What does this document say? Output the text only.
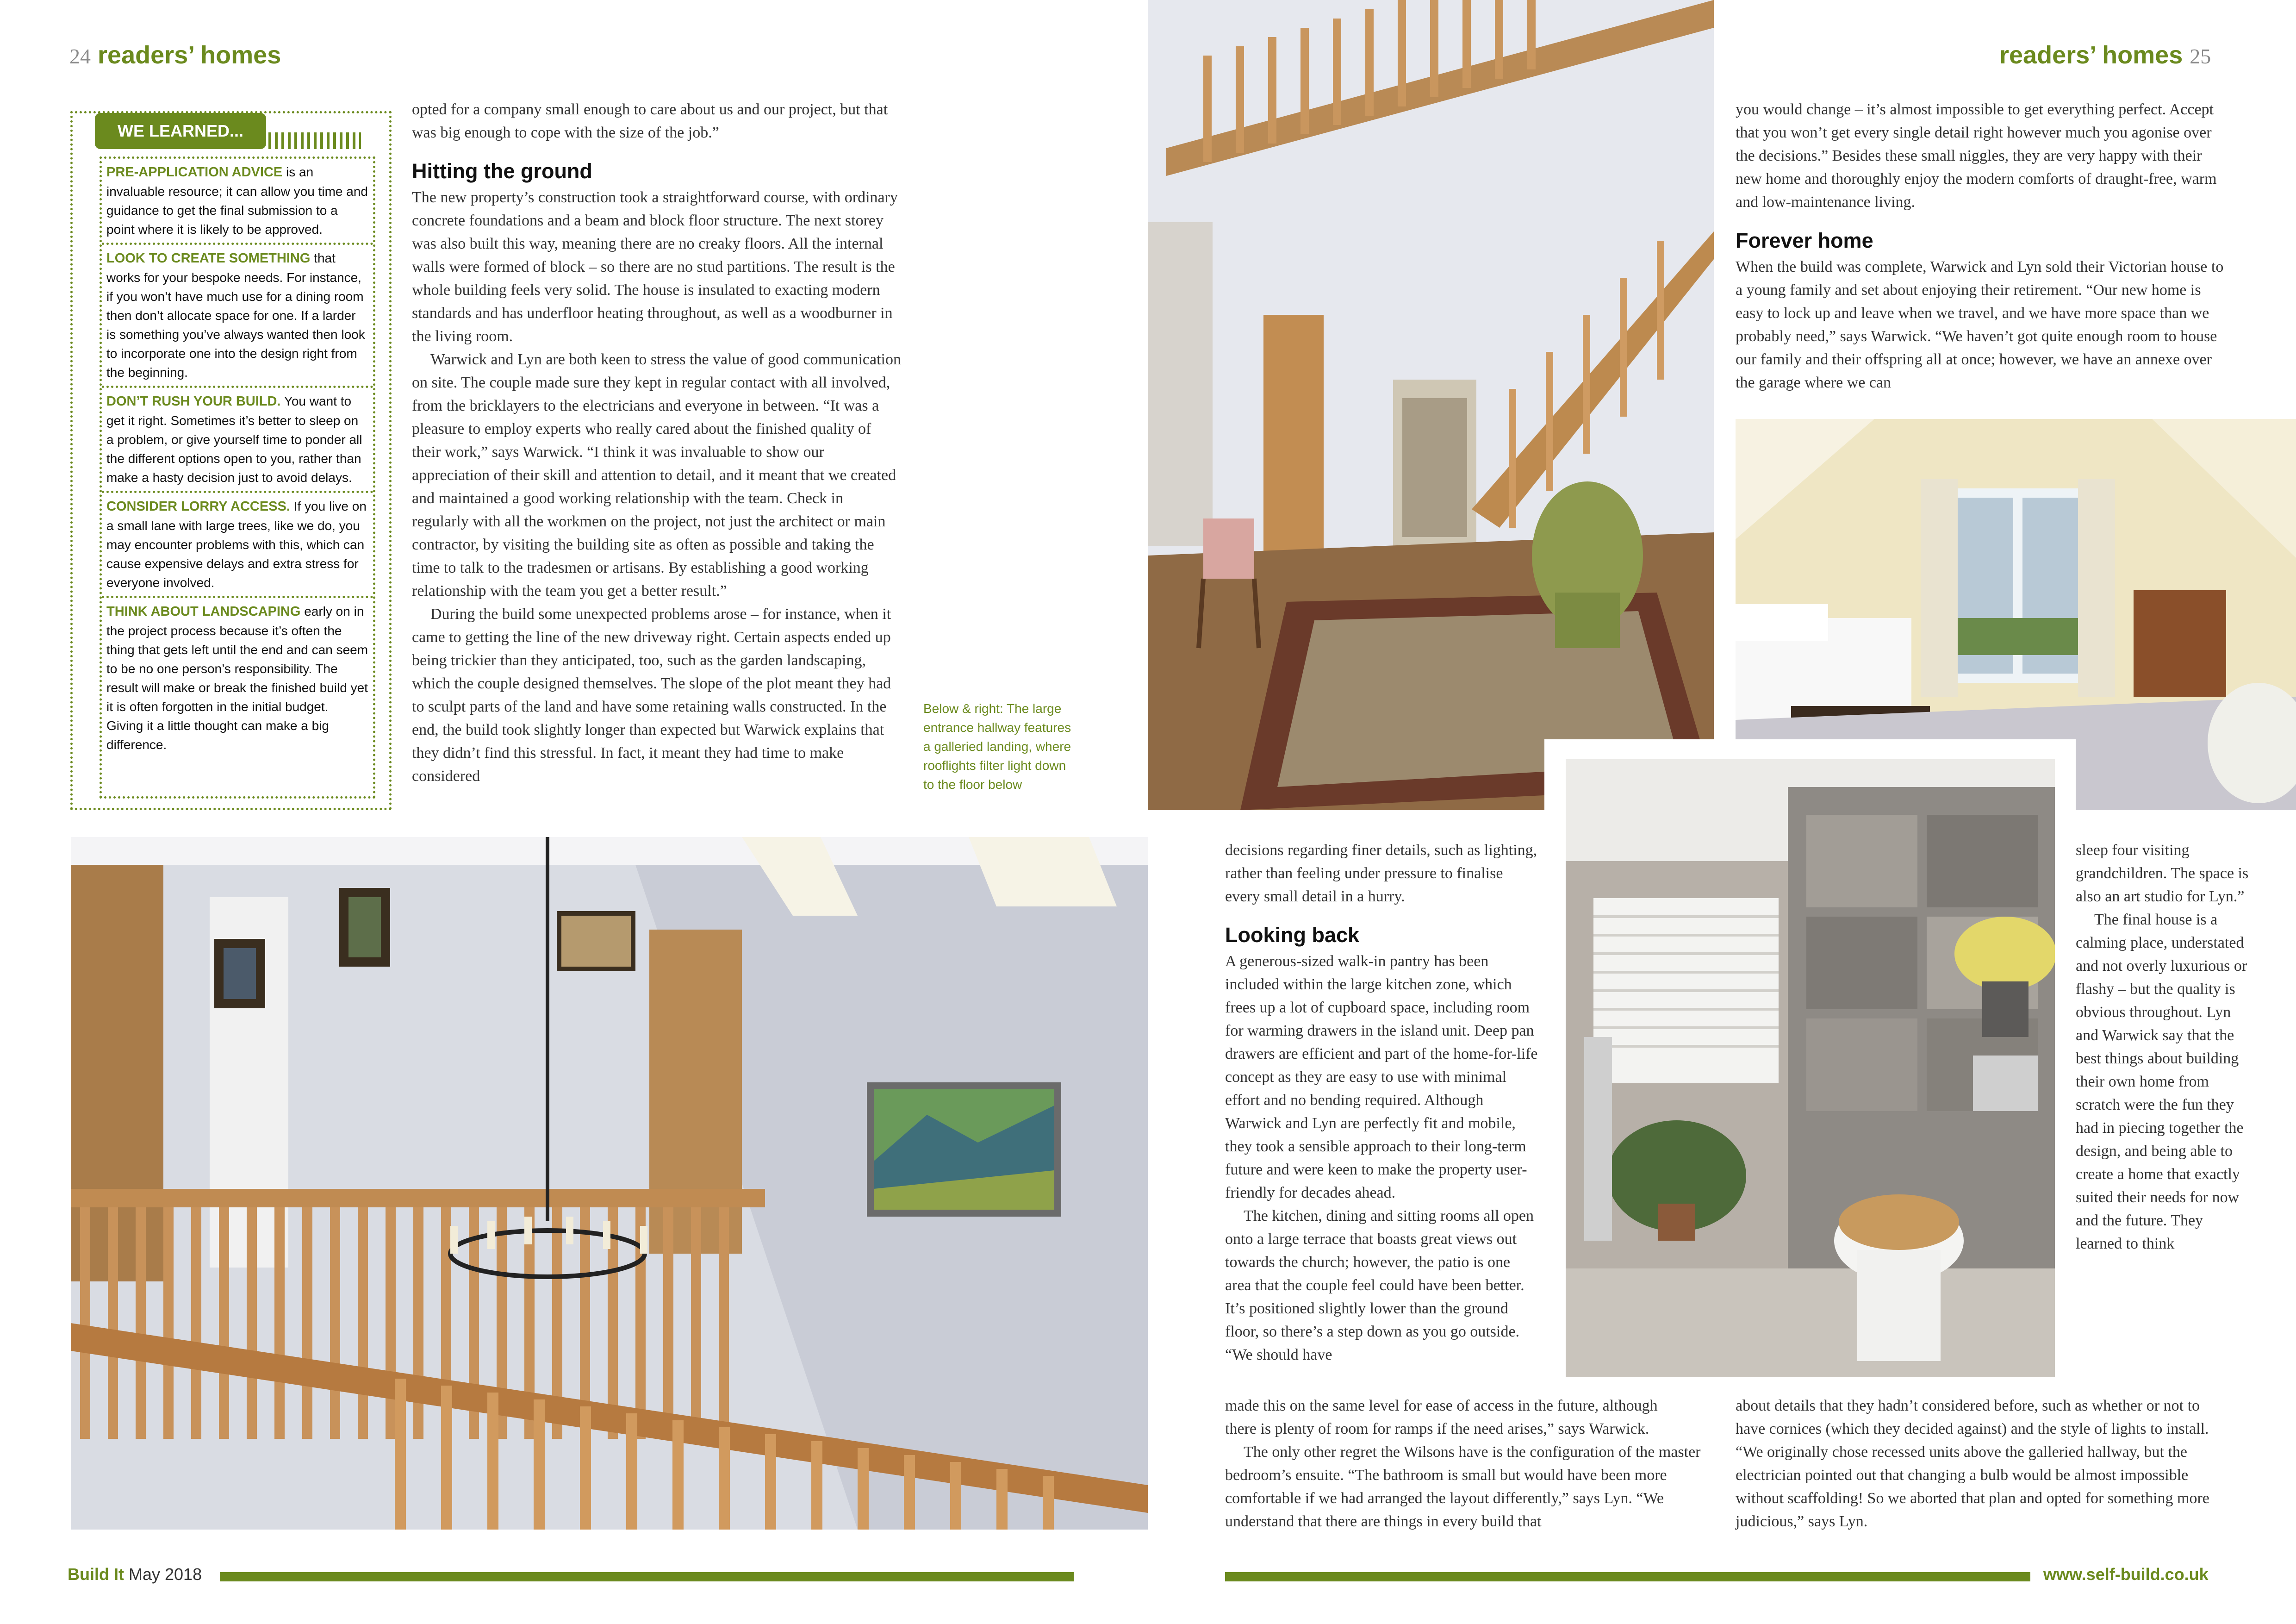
24 readers’ homes
PRE-APPLICATION ADVICE is an invaluable resource; it can allow you time and guidance to get the final submission to a point where it is likely to be approved.
LOOK TO CREATE SOMETHING that works for your bespoke needs. For instance, if you won’t have much use for a dining room then don’t allocate space for one. If a larder is something you’ve always wanted then look to incorporate one into the design right from the beginning.
DON’T RUSH YOUR BUILD. You want to get it right. Sometimes it’s better to sleep on a problem, or give yourself time to ponder all the different options open to you, rather than make a hasty decision just to avoid delays.
CONSIDER LORRY ACCESS. If you live on a small lane with large trees, like we do, you may encounter problems with this, which can cause expensive delays and extra stress for everyone involved.
THINK ABOUT LANDSCAPING early on in the project process because it’s often the thing that gets left until the end and can seem to be no one person’s responsibility. The result will make or break the finished build yet it is often forgotten in the initial budget. Giving it a little thought can make a big difference.
WE LEARNED...

opted for a company small enough to care about us and our project, but that was big enough to cope with the size of the job.”

Hitting the ground

The new property’s construction took a straightforward course, with ordinary concrete foundations and a beam and block floor structure. The next storey was also built this way, meaning there are no creaky floors. All the internal walls were formed of block – so there are no stud partitions. The result is the whole building feels very solid. The house is insulated to exacting modern standards and has underfloor heating throughout, as well as a woodburner in the living room.

Warwick and Lyn are both keen to stress the value of good communication on site. The couple made sure they kept in regular contact with all involved, from the bricklayers to the electricians and everyone in between. “It was a pleasure to employ experts who really cared about the finished quality of their work,” says Warwick. “I think it was invaluable to show our appreciation of their skill and attention to detail, and it meant that we created and maintained a good working relationship with the team. Check in regularly with all the workmen on the project, not just the architect or main contractor, by visiting the building site as often as possible and taking the time to talk to the tradesmen or artisans. By establishing a good working relationship with the team you get a better result.”

During the build some unexpected problems arose – for instance, when it came to getting the line of the new driveway right. Certain aspects ended up being trickier than they anticipated, too, such as the garden landscaping, which the couple designed themselves. The slope of the plot meant they had to sculpt parts of the land and have some retaining walls constructed. In the end, the build took slightly longer than expected but Warwick explains that they didn’t find this stressful. In fact, it meant they had time to make considered

Below & right: The large entrance hallway features a galleried landing, where rooflights filter light down to the floor below
Build It May 2018
readers’ homes 25

you would change – it’s almost impossible to get everything perfect. Accept that you won’t get every single detail right however much you agonise over the decisions.” Besides these small niggles, they are very happy with their new home and thoroughly enjoy the modern comforts of draught-free, warm and low-maintenance living.

Forever home

When the build was complete, Warwick and Lyn sold their Victorian house to a young family and set about enjoying their retirement. “Our new home is easy to lock up and leave when we travel, and we have more space than we probably need,” says Warwick. “We haven’t got quite enough room to house our family and their offspring all at once; however, we have an annexe over the garage where we can

decisions regarding finer details, such as lighting, rather than feeling under pressure to finalise every small detail in a hurry.

Looking back

A generous-sized walk-in pantry has been included within the large kitchen zone, which frees up a lot of cupboard space, including room for warming drawers in the island unit. Deep pan drawers are efficient and part of the home-for-life concept as they are easy to use with minimal effort and no bending required. Although Warwick and Lyn are perfectly fit and mobile, they took a sensible approach to their long-term future and were keen to make the property user-friendly for decades ahead.

The kitchen, dining and sitting rooms all open onto a large terrace that boasts great views out towards the church; however, the patio is one area that the couple feel could have been better. It’s positioned slightly lower than the ground floor, so there’s a step down as you go outside. “We should have

made this on the same level for ease of access in the future, although

there is plenty of room for ramps if the need arises,” says Warwick.

The only other regret the Wilsons have is the configuration of the master bedroom’s ensuite. “The bathroom is small but would have been more comfortable if we had arranged the layout differently,” says Lyn. “We understand that there are things in every build that

sleep four visiting grandchildren. The space is also an art studio for Lyn.”

The final house is a calming place, understated and not overly luxurious or flashy – but the quality is obvious throughout. Lyn and Warwick say that the best things about building their own home from scratch were the fun they had in piecing together the design, and being able to create a home that exactly suited their needs for now and the future. They learned to think

about details that they hadn’t considered before, such as whether or not to have cornices (which they decided against) and the style of lights to install. “We originally chose recessed units above the galleried hallway, but the electrician pointed out that changing a bulb would be almost impossible without scaffolding! So we aborted that plan and opted for something more judicious,” says Lyn.

www.self-build.co.uk
